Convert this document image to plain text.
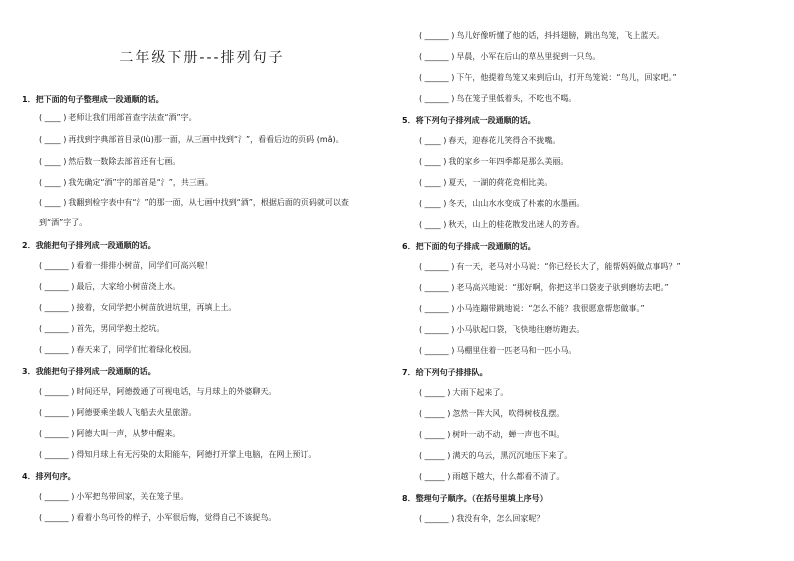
二年级下册---排列句子
1．把下面的句子整理成一段通顺的话。
( ____ ) 老师让我们用部首查字法查“酒”字。
( ____ ) 再找到字典部首目录(lù)那一面，从三画中找到“氵”，看看后边的页码 (mǎ)。
( ____ ) 然后数一数除去部首还有七画。
( ____ ) 我先确定“酒”字的部首是“氵”，共三画。
( ____ ) 我翻到检字表中有“氵”的那一面，从七画中找到“酒”，根据后面的页码就可以查
到“酒”字了。
2．我能把句子排列成一段通顺的话。
( ______ ) 看着一排排小树苗，同学们可高兴啦！
( ______ ) 最后，大家给小树苗浇上水。
( ______ ) 接着，女同学把小树苗放进坑里，再填上土。
( ______ ) 首先，男同学抱土挖坑。
( ______ ) 春天来了，同学们忙着绿化校园。
3．我能把句子排列成一段通顺的话。
( ______ ) 时间还早，阿德拨通了可视电话，与月球上的外婆聊天。
( ______ ) 阿德要乘坐载人飞船去火星旅游。
( ______ ) 阿德大叫一声，从梦中醒来。
( ______ ) 得知月球上有无污染的太阳能车，阿德打开掌上电脑，在网上预订。
4．排列句序。
( ______ ) 小军把鸟带回家，关在笼子里。
( ______ ) 看着小鸟可怜的样子，小军很后悔，觉得自己不该捉鸟。
( ______ ) 鸟儿好像听懂了他的话，抖抖翅膀，跳出鸟笼，飞上蓝天。
( ______ ) 早晨，小军在后山的草丛里捉到一只鸟。
( ______ ) 下午，他提着鸟笼又来到后山，打开鸟笼说：“鸟儿，回家吧。”
( ______ ) 鸟在笼子里低着头，不吃也不喝。
5．将下列句子排列成一段通顺的话。
( ____ ) 春天，迎春花儿笑得合不拢嘴。
( ____ ) 我的家乡一年四季都是那么美丽。
( ____ ) 夏天，一湖的荷花竞相比美。
( ____ ) 冬天，山山水水变成了朴素的水墨画。
( ____ ) 秋天，山上的桂花散发出迷人的芳香。
6．把下面的句子排成一段通顺的话。
( ______ ) 有一天，老马对小马说：“你已经长大了，能帮妈妈做点事吗？”
( ______ ) 老马高兴地说：“那好啊，你把这半口袋麦子驮到磨坊去吧。”
( ______ ) 小马连蹦带跳地说：“怎么不能？我很愿意帮您做事。”
( ______ ) 小马驮起口袋，飞快地往磨坊跑去。
( ______ ) 马棚里住着一匹老马和一匹小马。
7．给下列句子排排队。
( _____ ) 大雨下起来了。
( _____ ) 忽然一阵大风，吹得树枝乱摆。
( _____ ) 树叶一动不动，蝉一声也不叫。
( _____ ) 满天的乌云，黑沉沉地压下来了。
( _____ ) 雨越下越大，什么都看不清了。
8．整理句子顺序。（在括号里填上序号）
( ______ ) 我没有伞，怎么回家呢？
